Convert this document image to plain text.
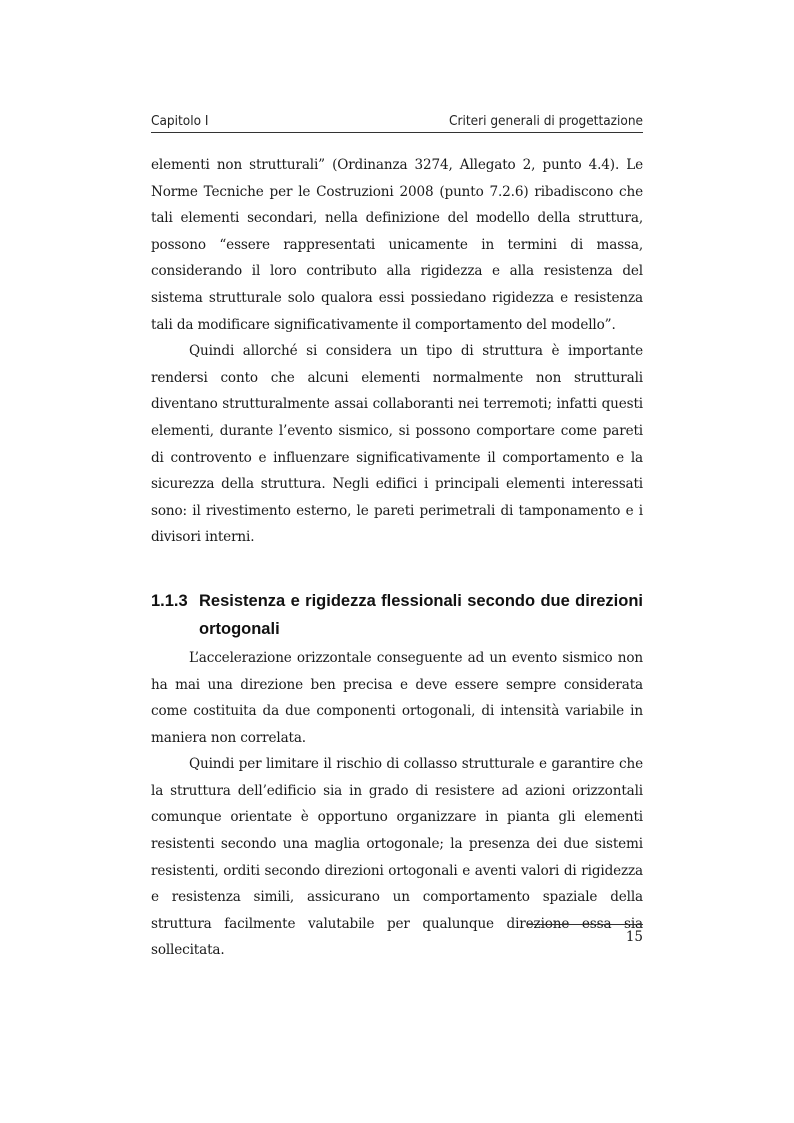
Capitolo I	Criteri generali di progettazione

elementi non strutturali” (Ordinanza 3274, Allegato 2, punto 4.4). Le Norme Tecniche per le Costruzioni 2008 (punto 7.2.6) ribadiscono che tali elementi secondari, nella definizione del modello della struttura, possono “essere rappresentati unicamente in termini di massa, considerando il loro contributo alla rigidezza e alla resistenza del sistema strutturale solo qualora essi possiedano rigidezza e resistenza tali da modificare significativamente il comportamento del modello”.

Quindi allorché si considera un tipo di struttura è importante rendersi conto che alcuni elementi normalmente non strutturali diventano strutturalmente assai collaboranti nei terremoti; infatti questi elementi, durante l’evento sismico, si possono comportare come pareti di controvento e influenzare significativamente il comportamento e la sicurezza della struttura. Negli edifici i principali elementi interessati sono: il rivestimento esterno, le pareti perimetrali di tamponamento e i divisori interni.

1.1.3 Resistenza e rigidezza flessionali secondo due direzioni
ortogonali

L’accelerazione orizzontale conseguente ad un evento sismico non ha mai una direzione ben precisa e deve essere sempre considerata come costituita da due componenti ortogonali, di intensità variabile in maniera non correlata.

Quindi per limitare il rischio di collasso strutturale e garantire che la struttura dell’edificio sia in grado di resistere ad azioni orizzontali comunque orientate è opportuno organizzare in pianta gli elementi resistenti secondo una maglia ortogonale; la presenza dei due sistemi resistenti, orditi secondo direzioni ortogonali e aventi valori di rigidezza e resistenza simili, assicurano un comportamento spaziale della struttura facilmente valutabile per qualunque direzione essa sia sollecitata.

15
